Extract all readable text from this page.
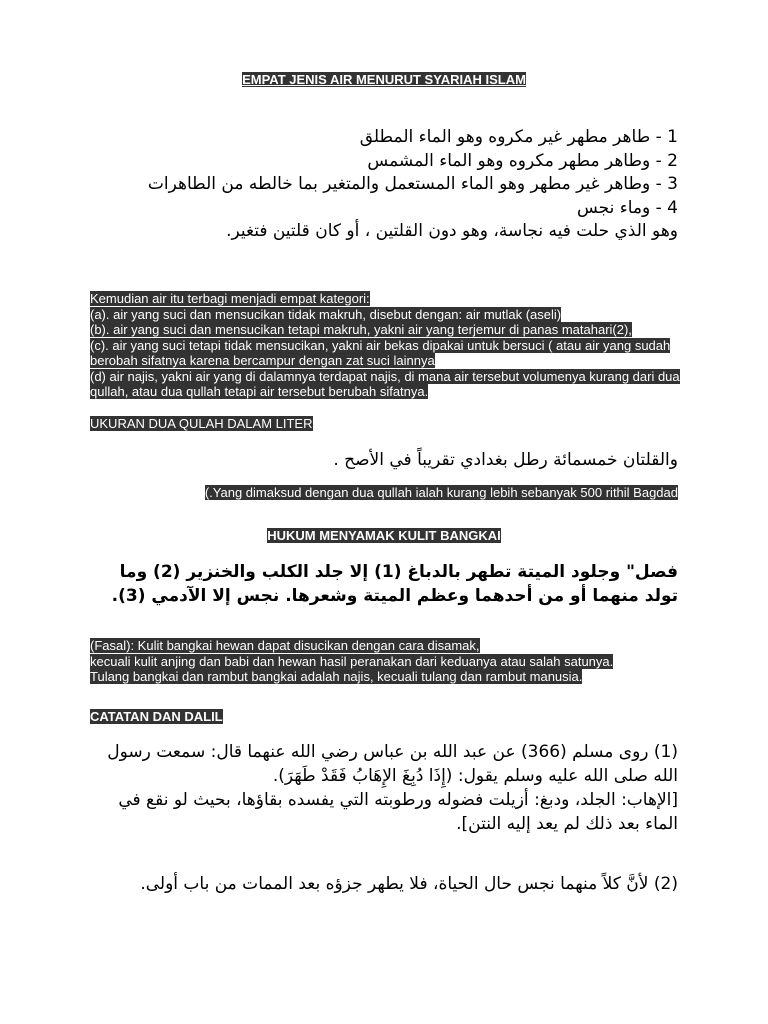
EMPAT JENIS AIR MENURUT SYARIAH ISLAM

1 - طاهر مطهر غير مكروه وهو الماء المطلق

2 - وطاهر مطهر مكروه وهو الماء المشمس

3 - وطاهر غير مطهر وهو الماء المستعمل والمتغير بما خالطه من الطاهرات

4 - وماء نجس

وهو الذي حلت فيه نجاسة، وهو دون القلتين ، أو كان قلتين فتغير.

Kemudian air itu terbagi menjadi empat kategori:
(a). air yang suci dan mensucikan tidak makruh, disebut dengan: air mutlak (aseli)
(b). air yang suci dan mensucikan tetapi makruh, yakni air yang terjemur di panas matahari(2),
(c). air yang suci tetapi tidak mensucikan, yakni air bekas dipakai untuk bersuci ( atau air yang sudah berobah sifatnya karena bercampur dengan zat suci lainnya
(d) air najis, yakni air yang di dalamnya terdapat najis, di mana air tersebut volumenya kurang dari dua qullah, atau dua qullah tetapi air tersebut berubah sifatnya.
UKURAN DUA QULAH DALAM LITER

والقلتان خمسمائة رطل بغدادي تقريباً في الأصح .

(.Yang dimaksud dengan dua qullah ialah kurang lebih sebanyak 500 rithil Bagdad
HUKUM MENYAMAK KULIT BANGKAI

فصل" وجلود الميتة تطهر بالدباغ (1) إلا جلد الكلب والخنزير (2) وما تولد منهما أو من أحدهما وعظم الميتة وشعرها. نجس إلا الآدمي (3).

(Fasal): Kulit bangkai hewan dapat disucikan dengan cara disamak,
kecuali kulit anjing dan babi dan hewan hasil peranakan dari keduanya atau salah satunya.
Tulang bangkai dan rambut bangkai adalah najis, kecuali tulang dan rambut manusia.
CATATAN DAN DALIL

(1) روى مسلم (366) عن عبد الله بن عباس رضي الله عنهما قال: سمعت رسول الله صلى الله عليه وسلم يقول: (إِذَا دُبِغَ الإِهَابُ فَقَدْ طَهَرَ).

[الإهاب: الجلد، ودبغ: أزيلت فضوله ورطوبته التي يفسده بقاؤها، بحيث لو نقع في الماء بعد ذلك لم يعد إليه النتن].

(2) لأنَّ كلاً منهما نجس حال الحياة، فلا يطهر جزؤه بعد الممات من باب أولى.
